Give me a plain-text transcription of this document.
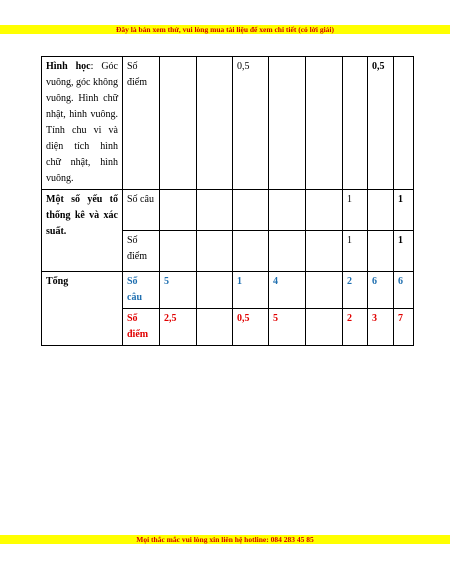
Đây là bản xem thử, vui lòng mua tài liệu để xem chi tiết (có lời giải)
Hình học: Góc vuông, góc không vuông. Hình chữ nhật, hình vuông. Tính chu vi và diện tích hình chữ nhật, hình vuông.	Số điểm			0,5				0,5	
Một số yếu tố thống kê và xác suất.	Số câu						1		1
	Số điểm						1		1
Tổng	Số câu	5		1	4		2	6	6
	Số điểm	2,5		0,5	5		2	3	7
Mọi thắc mắc vui lòng xin liên hệ hotline: 084 283 45 85
